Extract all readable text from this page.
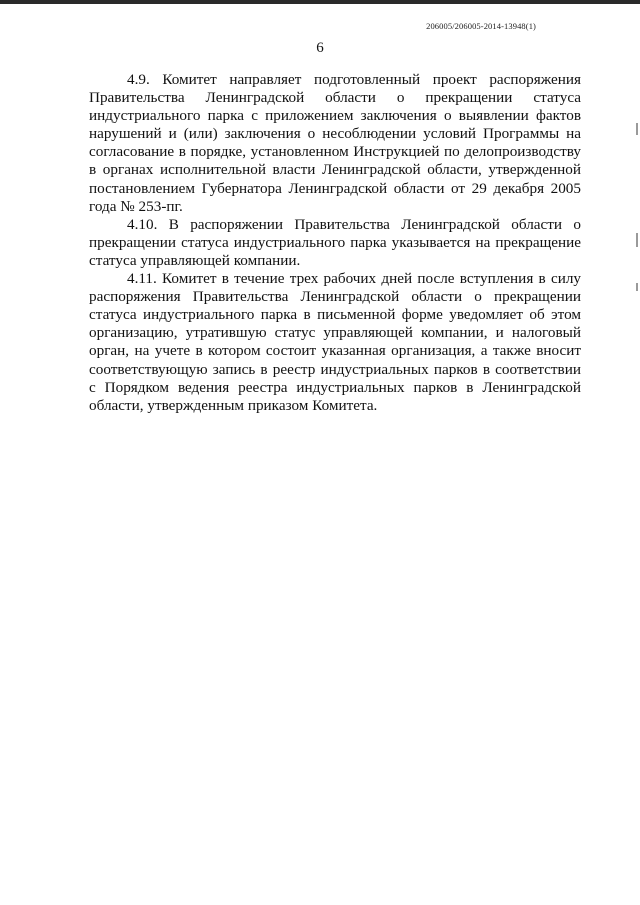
206005/206005-2014-13948(1)
6

4.9. Комитет направляет подготовленный проект распоряжения Правительства Ленинградской области о прекращении статуса индустриального парка с приложением заключения о выявлении фактов нарушений и (или) заключения о несоблюдении условий Программы на согласование в порядке, установленном Инструкцией по делопроизводству в органах исполнительной власти Ленинградской области, утвержденной постановлением Губернатора Ленинградской области от 29 декабря 2005 года № 253-пг.

4.10. В распоряжении Правительства Ленинградской области о прекращении статуса индустриального парка указывается на прекращение статуса управляющей компании.

4.11. Комитет в течение трех рабочих дней после вступления в силу распоряжения Правительства Ленинградской области о прекращении статуса индустриального парка в письменной форме уведомляет об этом организацию, утратившую статус управляющей компании, и налоговый орган, на учете в котором состоит указанная организация, а также вносит соответствующую запись в реестр индустриальных парков в соответствии с Порядком ведения реестра индустриальных парков в Ленинградской области, утвержденным приказом Комитета.
